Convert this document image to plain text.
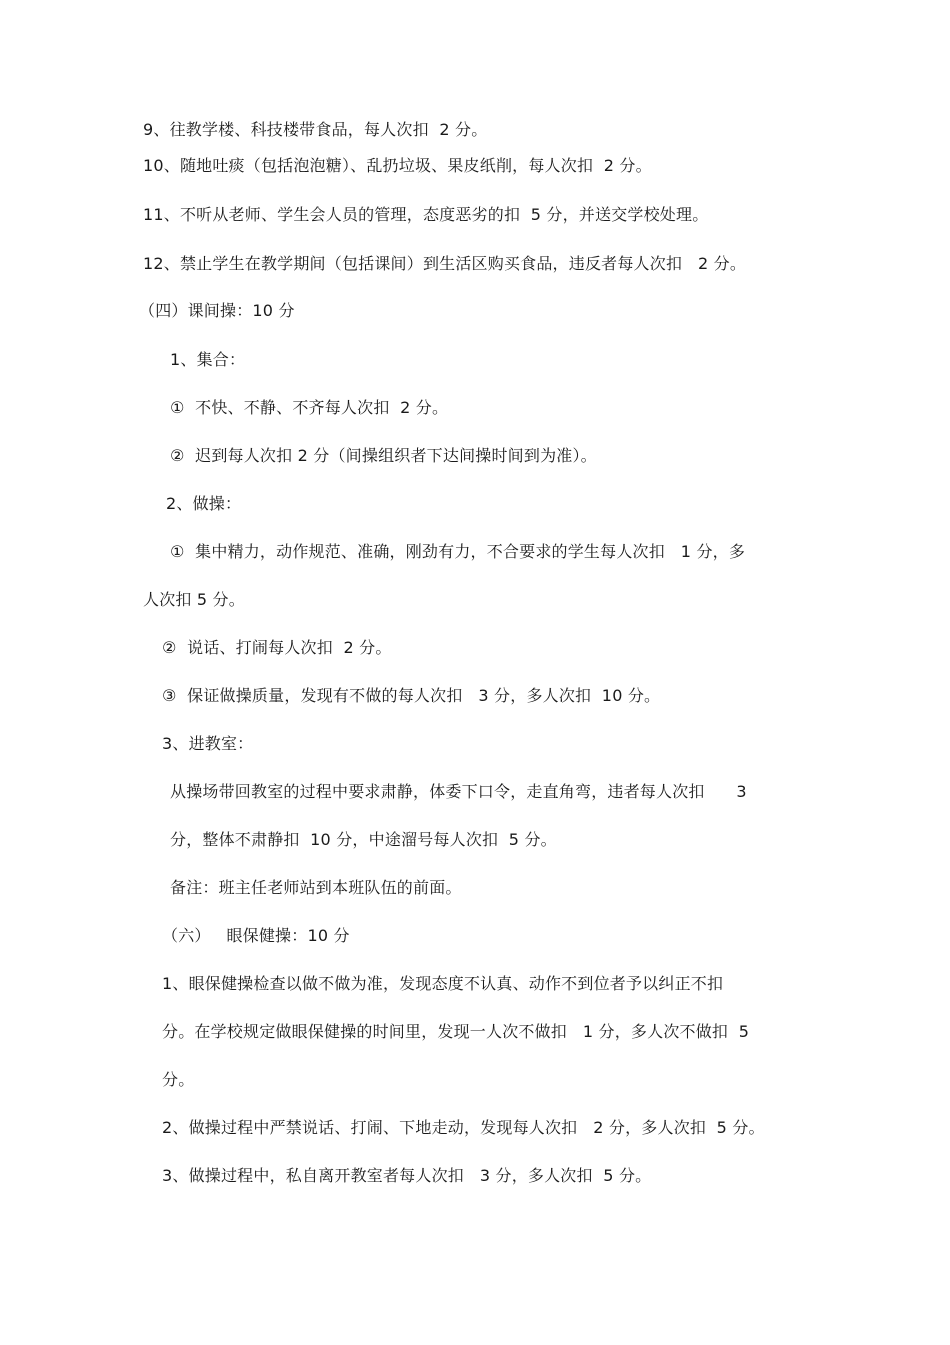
9、往教学楼、科技楼带食品，每人次扣  2 分。
10、随地吐痰（包括泡泡糖）、乱扔垃圾、果皮纸削，每人次扣  2 分。
11、不听从老师、学生会人员的管理，态度恶劣的扣  5 分，并送交学校处理。
12、禁止学生在教学期间（包括课间）到生活区购买食品，违反者每人次扣   2 分。
（四）课间操：10 分
1、集合：
①  不快、不静、不齐每人次扣  2 分。
②  迟到每人次扣 2 分（间操组织者下达间操时间到为准）。
2、做操：
①  集中精力，动作规范、准确，刚劲有力，不合要求的学生每人次扣   1 分，多
人次扣 5 分。
②  说话、打闹每人次扣  2 分。
③  保证做操质量，发现有不做的每人次扣   3 分，多人次扣  10 分。
3、进教室：
从操场带回教室的过程中要求肃静，体委下口令，走直角弯，违者每人次扣      3
分，整体不肃静扣  10 分，中途溜号每人次扣  5 分。
备注：班主任老师站到本班队伍的前面。
（六）   眼保健操：10 分
1、眼保健操检查以做不做为准，发现态度不认真、动作不到位者予以纠正不扣
分。在学校规定做眼保健操的时间里，发现一人次不做扣   1 分，多人次不做扣  5
分。
2、做操过程中严禁说话、打闹、下地走动，发现每人次扣   2 分，多人次扣  5 分。
3、做操过程中，私自离开教室者每人次扣   3 分，多人次扣  5 分。
